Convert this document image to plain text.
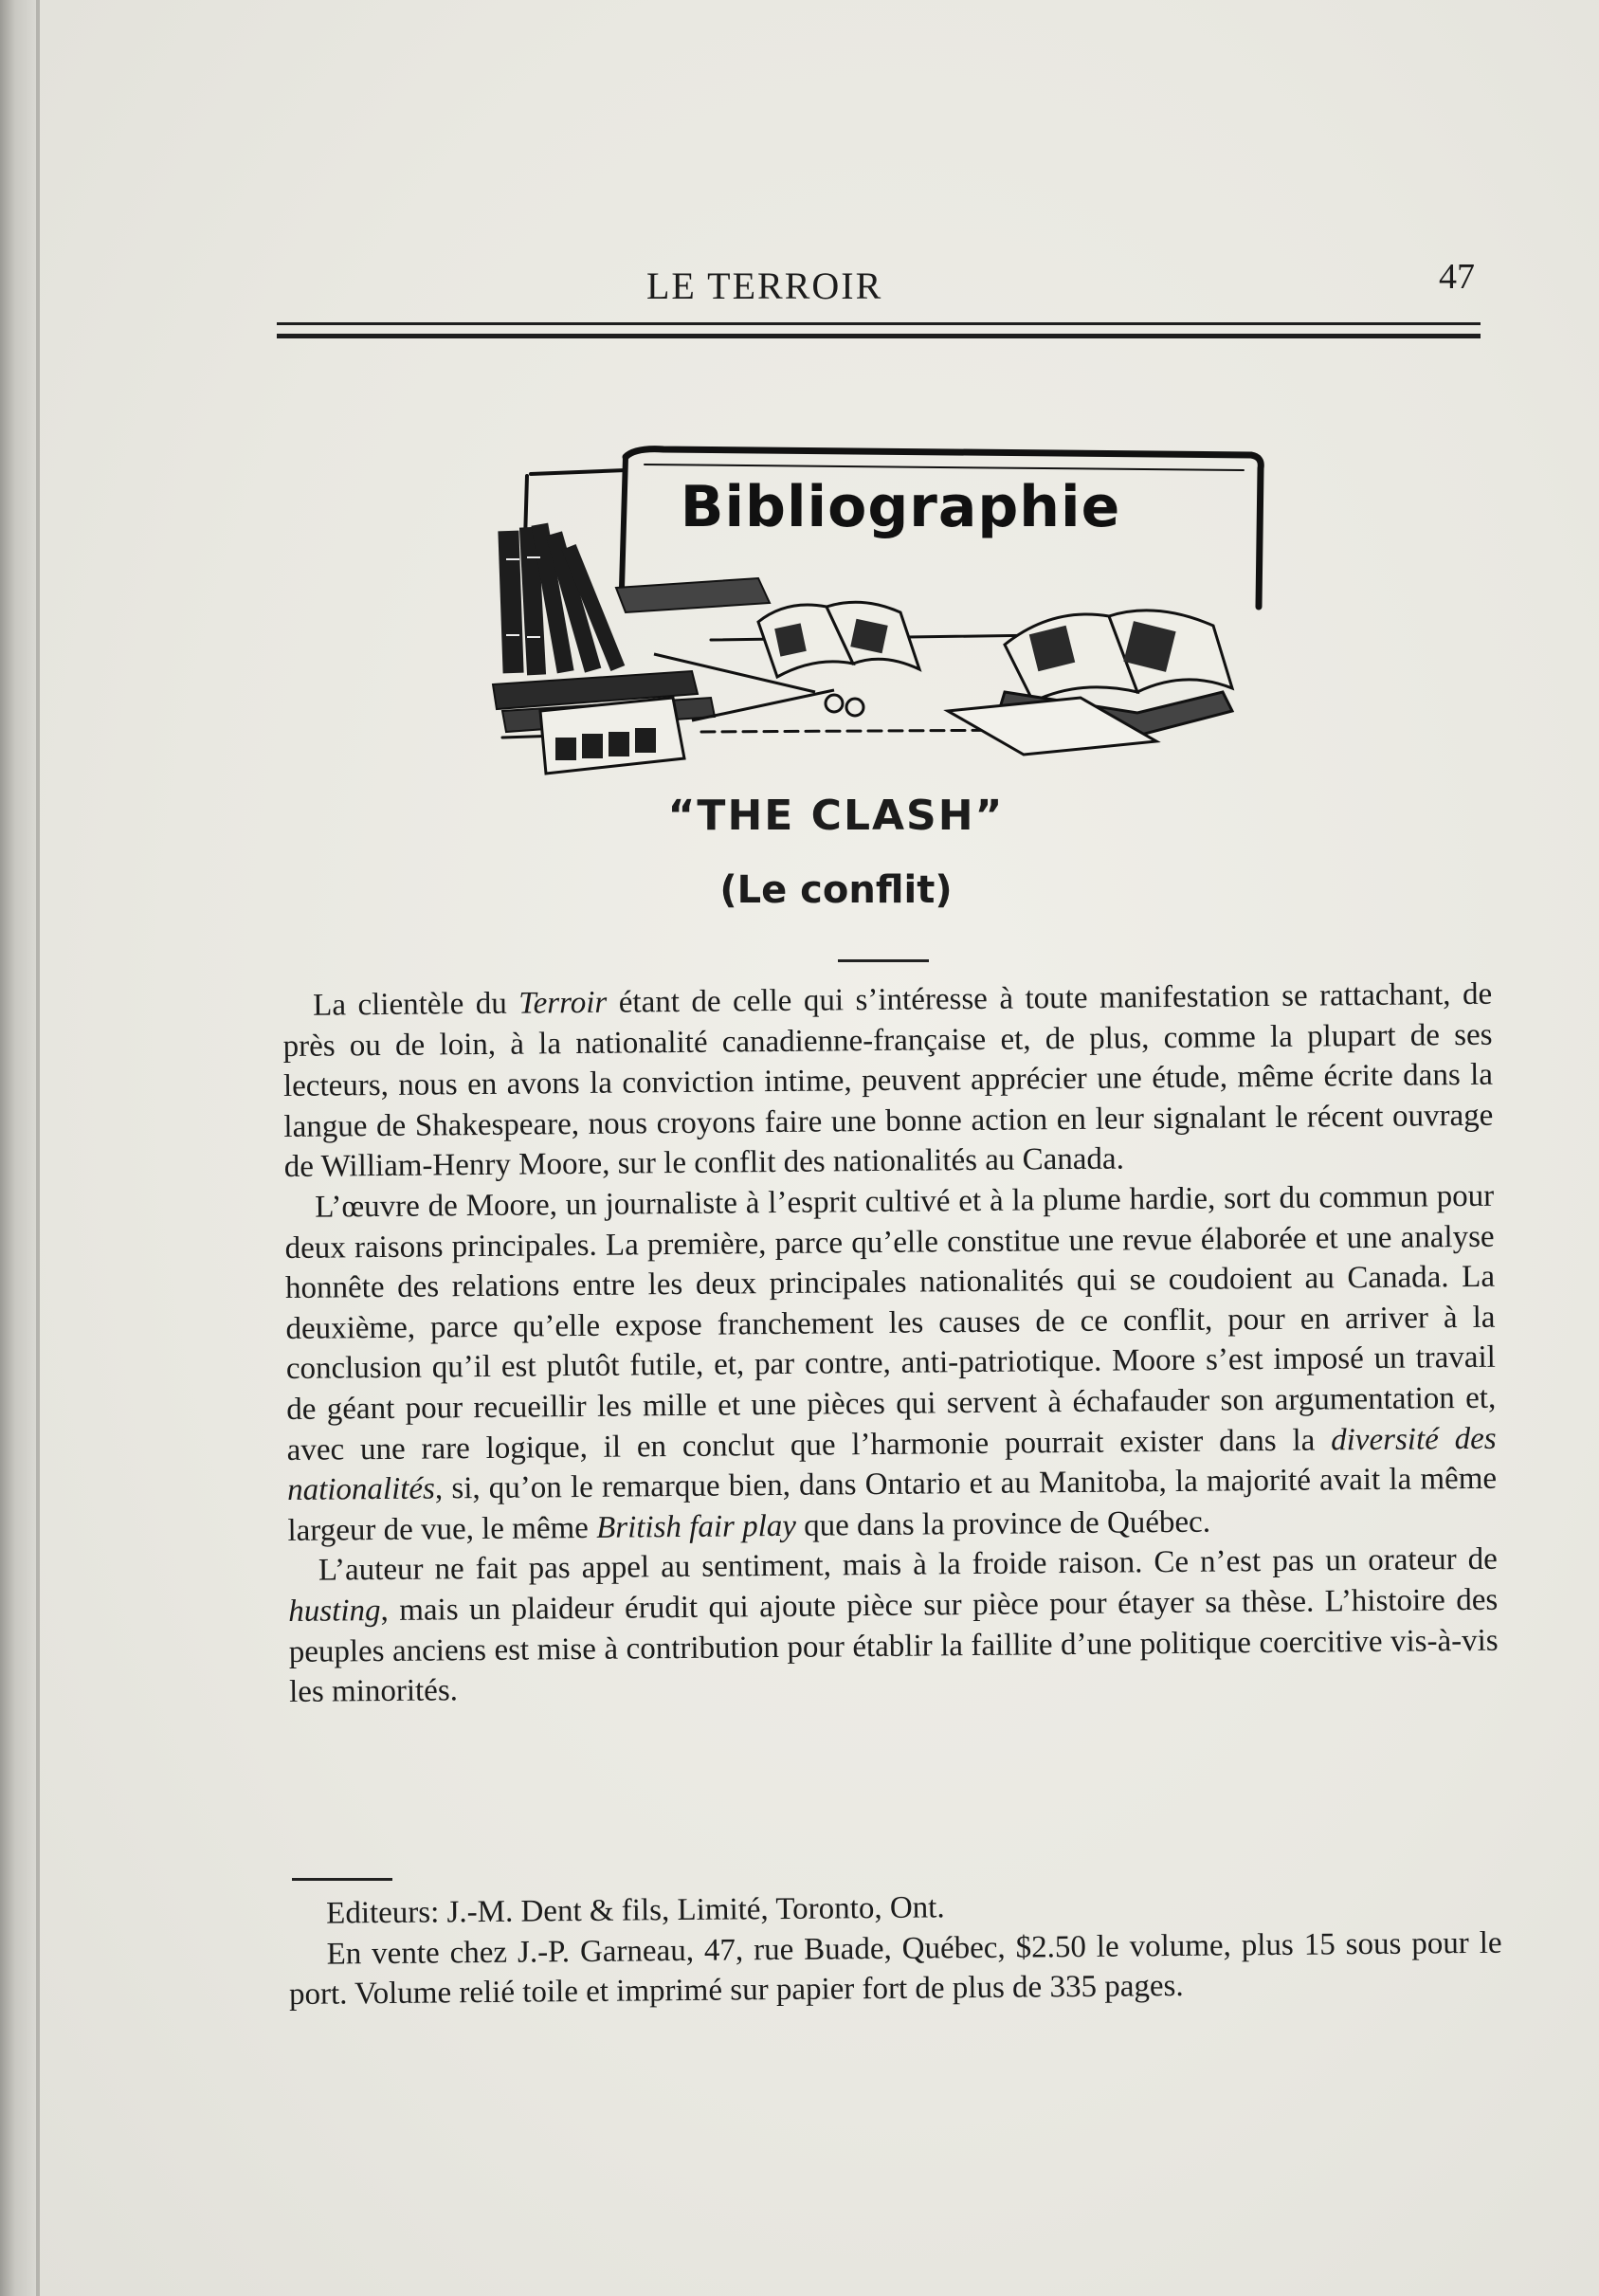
LE TERROIR	47
Bibliographie
“THE CLASH”
(Le conflit)

La clientèle du Terroir étant de celle qui s’intéresse à toute manifestation se rattachant, de près ou de loin, à la nationalité canadienne-française et, de plus, comme la plupart de ses lecteurs, nous en avons la conviction intime, peuvent apprécier une étude, même écrite dans la langue de Shakespeare, nous croyons faire une bonne action en leur signalant le récent ouvrage de William-Henry Moore, sur le conflit des nationalités au Canada.

L’œuvre de Moore, un journaliste à l’esprit cultivé et à la plume hardie, sort du commun pour deux raisons principales. La première, parce qu’elle constitue une revue élaborée et une analyse honnête des relations entre les deux principales nationalités qui se coudoient au Canada. La deuxième, parce qu’elle expose franchement les causes de ce conflit, pour en arriver à la conclusion qu’il est plutôt futile, et, par contre, anti-patriotique. Moore s’est imposé un travail de géant pour recueillir les mille et une pièces qui servent à échafauder son argumentation et, avec une rare logique, il en conclut que l’harmonie pourrait exister dans la diversité des nationalités, si, qu’on le remarque bien, dans Ontario et au Manitoba, la majorité avait la même largeur de vue, le même British fair play que dans la province de Québec.

L’auteur ne fait pas appel au sentiment, mais à la froide raison. Ce n’est pas un orateur de husting, mais un plaideur érudit qui ajoute pièce sur pièce pour étayer sa thèse. L’histoire des peuples anciens est mise à contribution pour établir la faillite d’une politique coercitive vis-à-vis les minorités.

Editeurs: J.-M. Dent & fils, Limité, Toronto, Ont.

En vente chez J.-P. Garneau, 47, rue Buade, Québec, $2.50 le volume, plus 15 sous pour le port. Volume relié toile et imprimé sur papier fort de plus de 335 pages.
